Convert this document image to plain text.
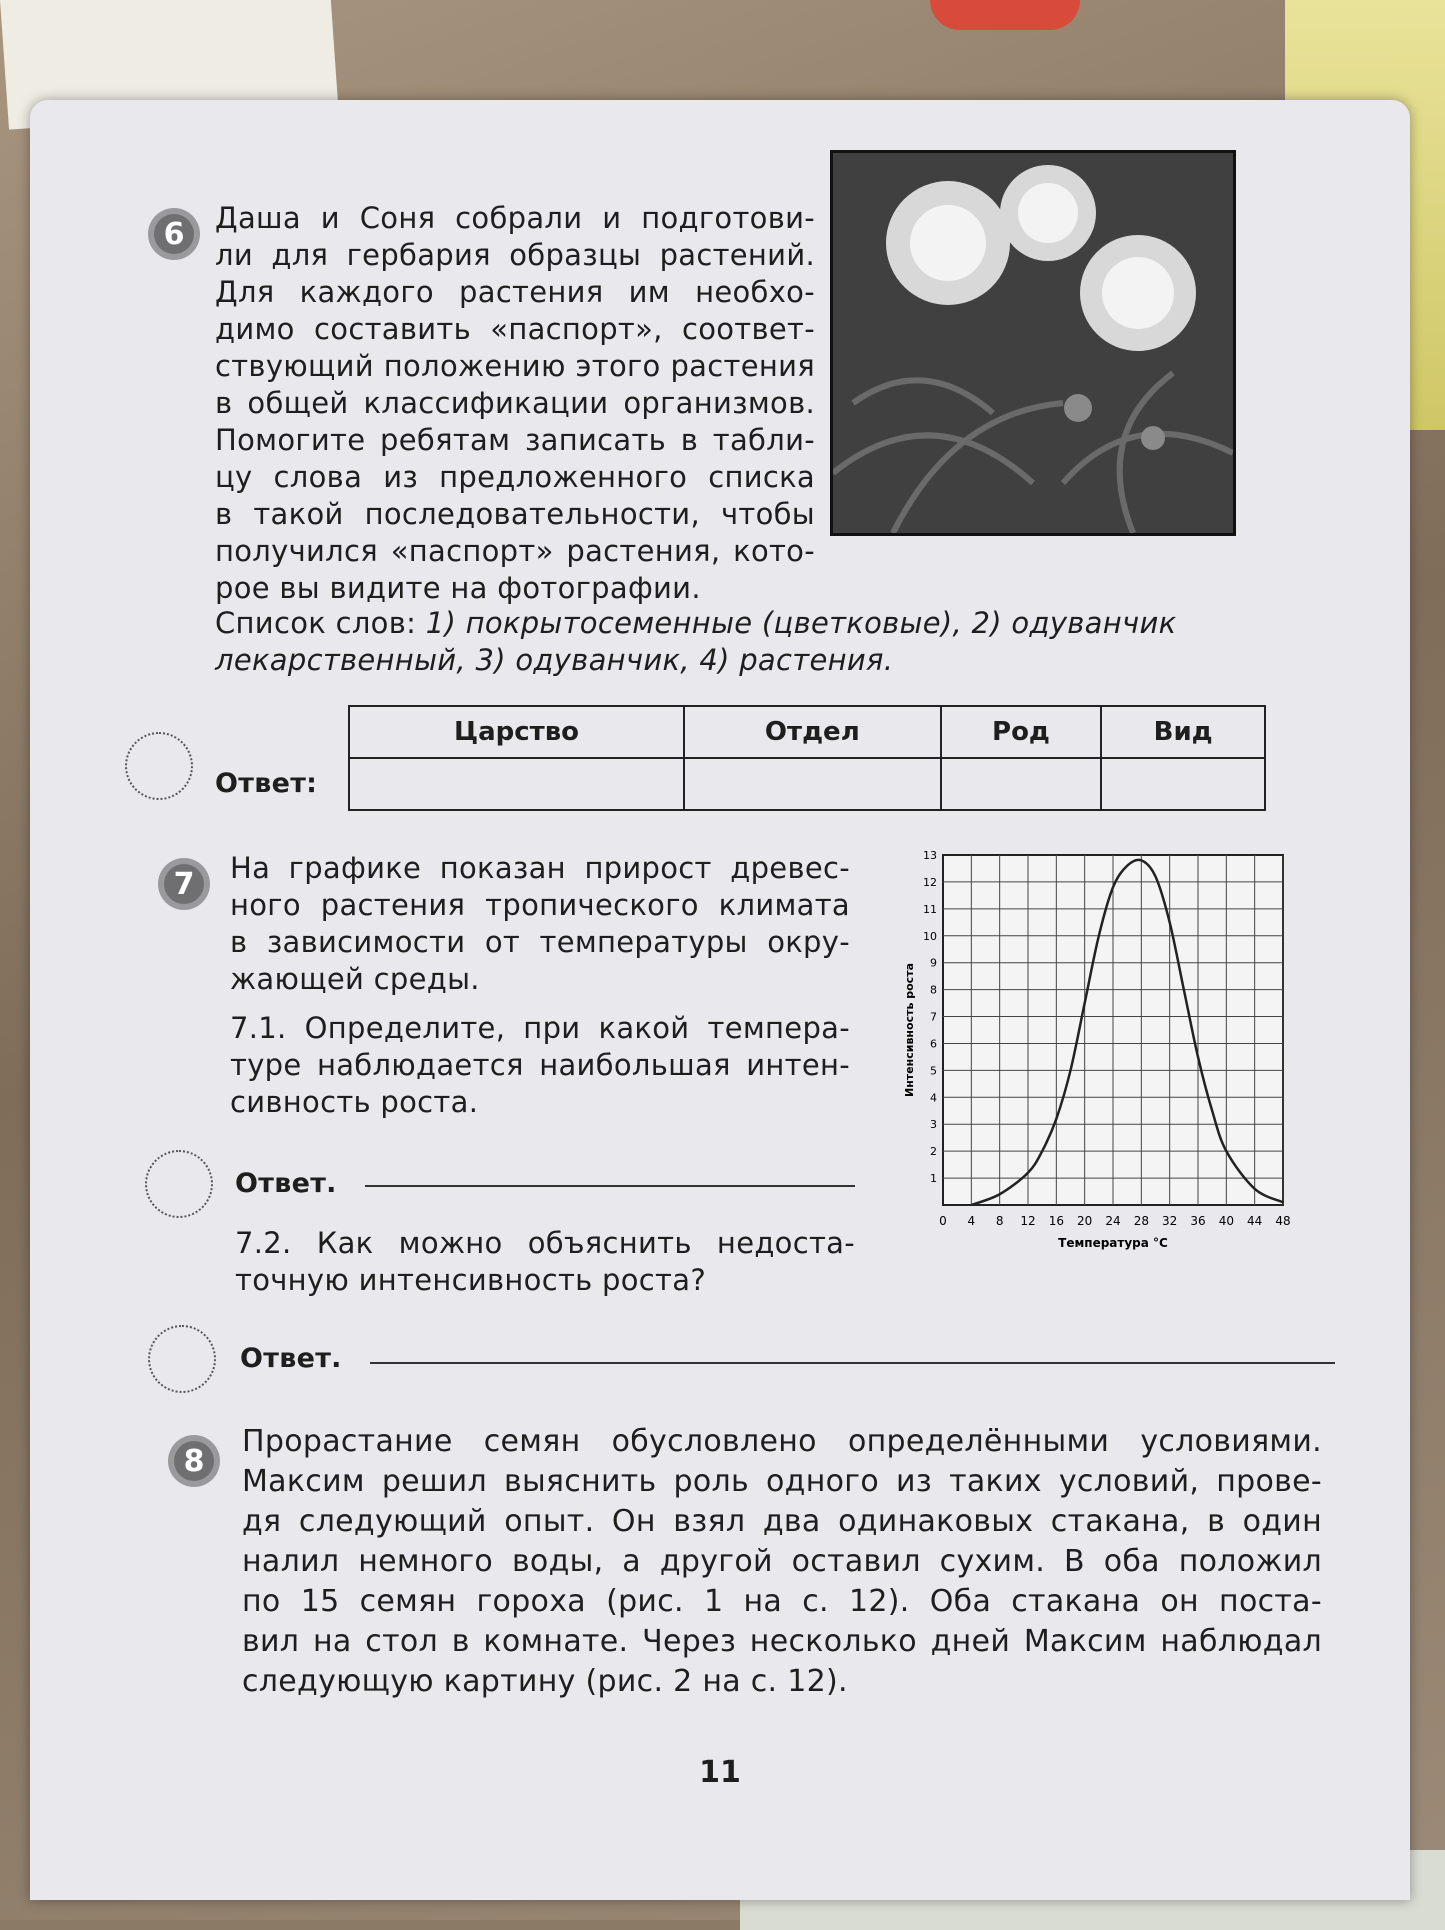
6	Даша и Соня собрали и подготови-
ли для гербария образцы растений.
Для каждого растения им необхо-
димо составить «паспорт», соответ-
ствующий положению этого растения
в общей классификации организмов.
Помогите ребятам записать в табли-
цу слова из предложенного списка
в такой последовательности, чтобы
получился «паспорт» растения, кото-
рое вы видите на фотографии.
Список слов: 1) покрытосеменные (цветковые), 2) одуванчик
лекарственный, 3) одуванчик, 4) растения.
Ответ:
Царство	Отдел	Род	Вид

7	На графике показан прирост древес-
ного растения тропического климата
в зависимости от температуры окру-
жающей среды.
7.1. Определите, при какой темпера-
туре наблюдается наибольшая интен-
сивность роста.
Ответ.
7.2. Как можно объяснить недоста-
точную интенсивность роста?
Ответ.
1
2
3
4
5
6
7
8
9
10
11
12
13
0 4 8 12 16 20 24 28 32 36 40 44 48
Интенсивность роста
Температура °С
8
Прорастание семян обусловлено определёнными условиями.
Максим решил выяснить роль одного из таких условий, прове-
дя следующий опыт. Он взял два одинаковых стакана, в один
налил немного воды, а другой оставил сухим. В оба положил
по 15 семян гороха (рис. 1 на с. 12). Оба стакана он поста-
вил на стол в комнате. Через несколько дней Максим наблюдал
следующую картину (рис. 2 на с. 12).
11
